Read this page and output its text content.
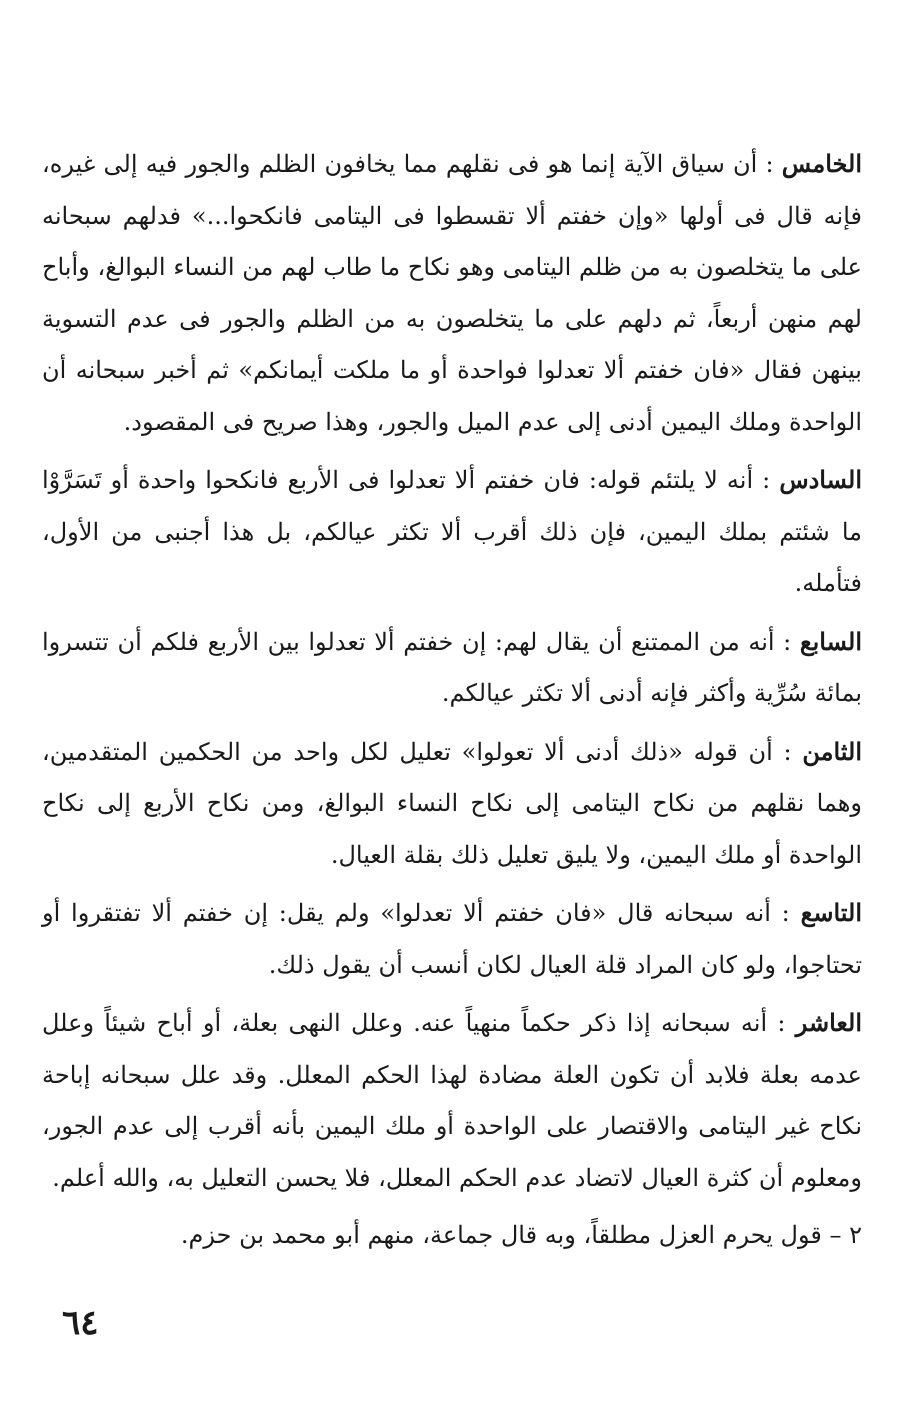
الخامس : أن سياق الآية إنما هو فى نقلهم مما يخافون الظلم والجور فيه إلى غيره، فإنه قال فى أولها «وإن خفتم ألا تقسطوا فى اليتامى فانكحوا...» فدلهم سبحانه على ما يتخلصون به من ظلم اليتامى وهو نكاح ما طاب لهم من النساء البوالغ، وأباح لهم منهن أربعاً، ثم دلهم على ما يتخلصون به من الظلم والجور فى عدم التسوية بينهن فقال «فان خفتم ألا تعدلوا فواحدة أو ما ملكت أيمانكم» ثم أخبر سبحانه أن الواحدة وملك اليمين أدنى إلى عدم الميل والجور، وهذا صريح فى المقصود.

السادس : أنه لا يلتئم قوله: فان خفتم ألا تعدلوا فى الأربع فانكحوا واحدة أو تَسَرَّوْا ما شئتم بملك اليمين، فإن ذلك أقرب ألا تكثر عيالكم، بل هذا أجنبى من الأول، فتأمله.

السابع : أنه من الممتنع أن يقال لهم: إن خفتم ألا تعدلوا بين الأربع فلكم أن تتسروا بمائة سُرِّية وأكثر فإنه أدنى ألا تكثر عيالكم.

الثامن : أن قوله «ذلك أدنى ألا تعولوا» تعليل لكل واحد من الحكمين المتقدمين، وهما نقلهم من نكاح اليتامى إلى نكاح النساء البوالغ، ومن نكاح الأربع إلى نكاح الواحدة أو ملك اليمين، ولا يليق تعليل ذلك بقلة العيال.

التاسع : أنه سبحانه قال «فان خفتم ألا تعدلوا» ولم يقل: إن خفتم ألا تفتقروا أو تحتاجوا، ولو كان المراد قلة العيال لكان أنسب أن يقول ذلك.

العاشر : أنه سبحانه إذا ذكر حكماً منهياً عنه. وعلل النهى بعلة، أو أباح شيئاً وعلل عدمه بعلة فلابد أن تكون العلة مضادة لهذا الحكم المعلل. وقد علل سبحانه إباحة نكاح غير اليتامى والاقتصار على الواحدة أو ملك اليمين بأنه أقرب إلى عدم الجور، ومعلوم أن كثرة العيال لاتضاد عدم الحكم المعلل، فلا يحسن التعليل به، والله أعلم.

٢ – قول يحرم العزل مطلقاً، وبه قال جماعة، منهم أبو محمد بن حزم.

٦٤
